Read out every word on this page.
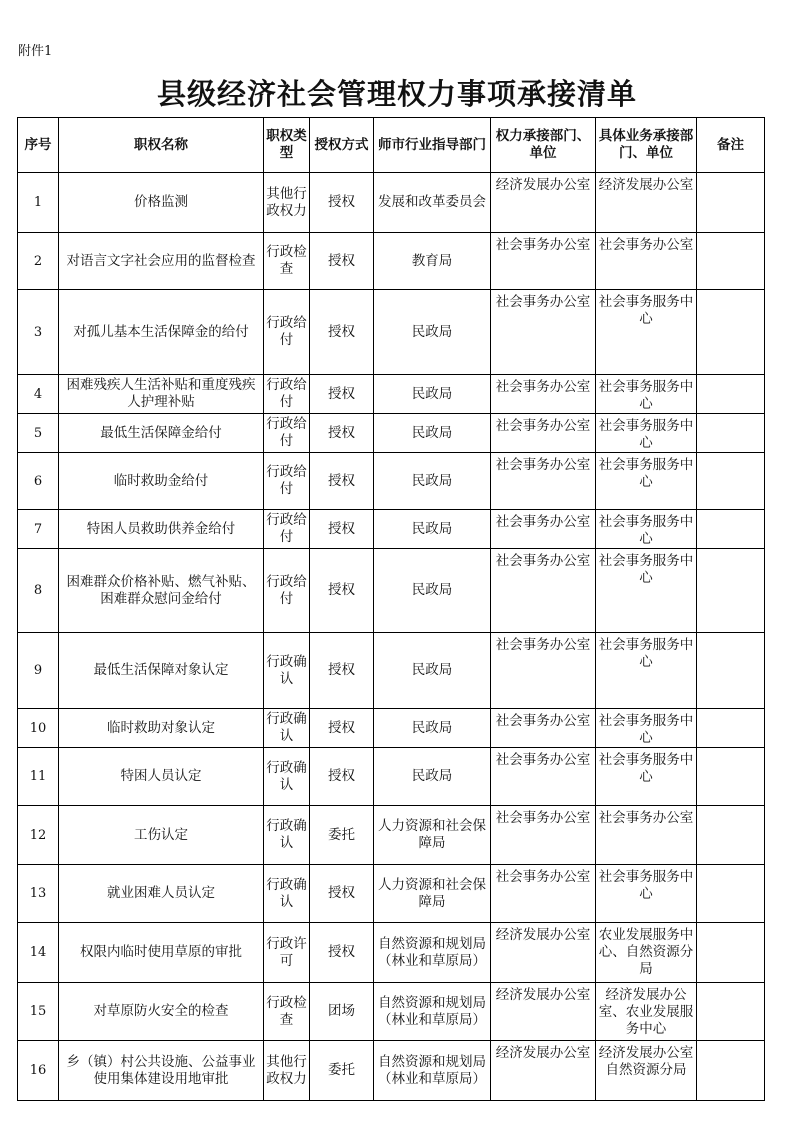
附件1
县级经济社会管理权力事项承接清单
序号	职权名称	职权类型	授权方式	师市行业指导部门	权力承接部门、单位	具体业务承接部门、单位	备注
1	价格监测	其他行政权力	授权	发展和改革委员会	经济发展办公室	经济发展办公室	
2	对语言文字社会应用的监督检查	行政检查	授权	教育局	社会事务办公室	社会事务办公室	
3	对孤儿基本生活保障金的给付	行政给付	授权	民政局	社会事务办公室	社会事务服务中心	
4	困难残疾人生活补贴和重度残疾人护理补贴	行政给付	授权	民政局	社会事务办公室	社会事务服务中心	
5	最低生活保障金给付	行政给付	授权	民政局	社会事务办公室	社会事务服务中心	
6	临时救助金给付	行政给付	授权	民政局	社会事务办公室	社会事务服务中心	
7	特困人员救助供养金给付	行政给付	授权	民政局	社会事务办公室	社会事务服务中心	
8	困难群众价格补贴、燃气补贴、困难群众慰问金给付	行政给付	授权	民政局	社会事务办公室	社会事务服务中心	
9	最低生活保障对象认定	行政确认	授权	民政局	社会事务办公室	社会事务服务中心	
10	临时救助对象认定	行政确认	授权	民政局	社会事务办公室	社会事务服务中心	
11	特困人员认定	行政确认	授权	民政局	社会事务办公室	社会事务服务中心	
12	工伤认定	行政确认	委托	人力资源和社会保障局	社会事务办公室	社会事务办公室	
13	就业困难人员认定	行政确认	授权	人力资源和社会保障局	社会事务办公室	社会事务服务中心	
14	权限内临时使用草原的审批	行政许可	授权	自然资源和规划局　（林业和草原局）	经济发展办公室	农业发展服务中心、自然资源分局	
15	对草原防火安全的检查	行政检查	团场	自然资源和规划局　（林业和草原局）	经济发展办公室	经济发展办公室、农业发展服务中心	
16	乡（镇）村公共设施、公益事业使用集体建设用地审批	其他行政权力	委托	自然资源和规划局　（林业和草原局）	经济发展办公室	经济发展办公室自然资源分局	
